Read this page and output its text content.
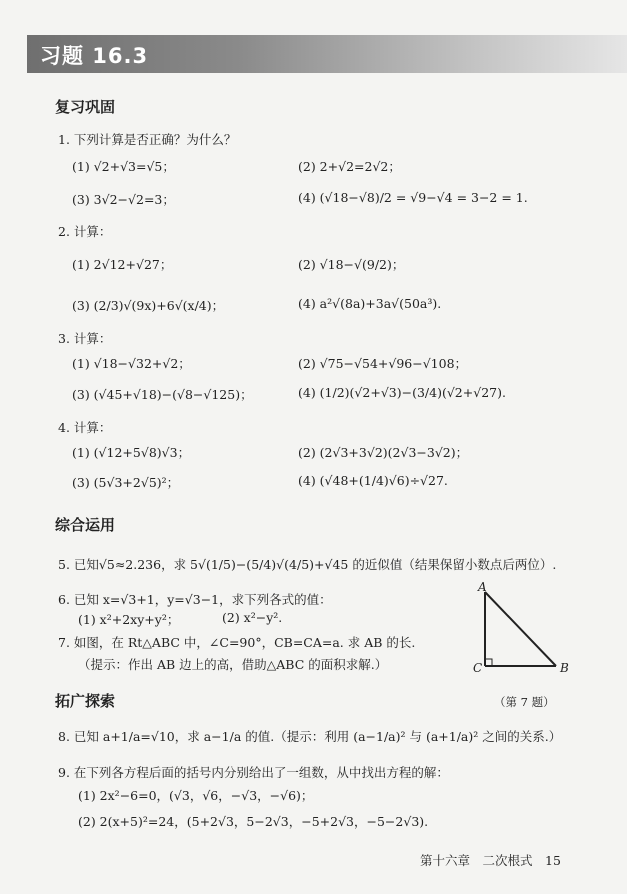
习题 16.3
复习巩固
1. 下列计算是否正确？为什么？
(1) √2+√3=√5；	(2) 2+√2=2√2；
(3) 3√2−√2=3；	(4) (√18−√8)/2 = √9−√4 = 3−2 = 1.
2. 计算：
(1) 2√12+√27；	(2) √18−√(9/2)；
(3) (2/3)√(9x)+6√(x/4)；	(4) a²√(8a)+3a√(50a³).
3. 计算：
(1) √18−√32+√2；	(2) √75−√54+√96−√108；
(3) (√45+√18)−(√8−√125)；	(4) (1/2)(√2+√3)−(3/4)(√2+√27).
4. 计算：
(1) (√12+5√8)√3；	(2) (2√3+3√2)(2√3−3√2)；
(3) (5√3+2√5)²；	(4) (√48+(1/4)√6)÷√27.
综合运用
5. 已知√5≈2.236，求 5√(1/5)−(5/4)√(4/5)+√45 的近似值（结果保留小数点后两位）.
6. 已知 x=√3+1，y=√3−1，求下列各式的值：
(1) x²+2xy+y²；	(2) x²−y².
7. 如图，在 Rt△ABC 中，∠C=90°，CB=CA=a. 求 AB 的长.
（提示：作出 AB 边上的高，借助△ABC 的面积求解.）
A
C	B
拓广探索	（第 7 题）
8. 已知 a+1/a=√10，求 a−1/a 的值.（提示：利用 (a−1/a)² 与 (a+1/a)² 之间的关系.）
9. 在下列各方程后面的括号内分别给出了一组数，从中找出方程的解：
(1) 2x²−6=0，(√3，√6，−√3，−√6)；
(2) 2(x+5)²=24，(5+2√3，5−2√3，−5+2√3，−5−2√3).
第十六章　二次根式　15
